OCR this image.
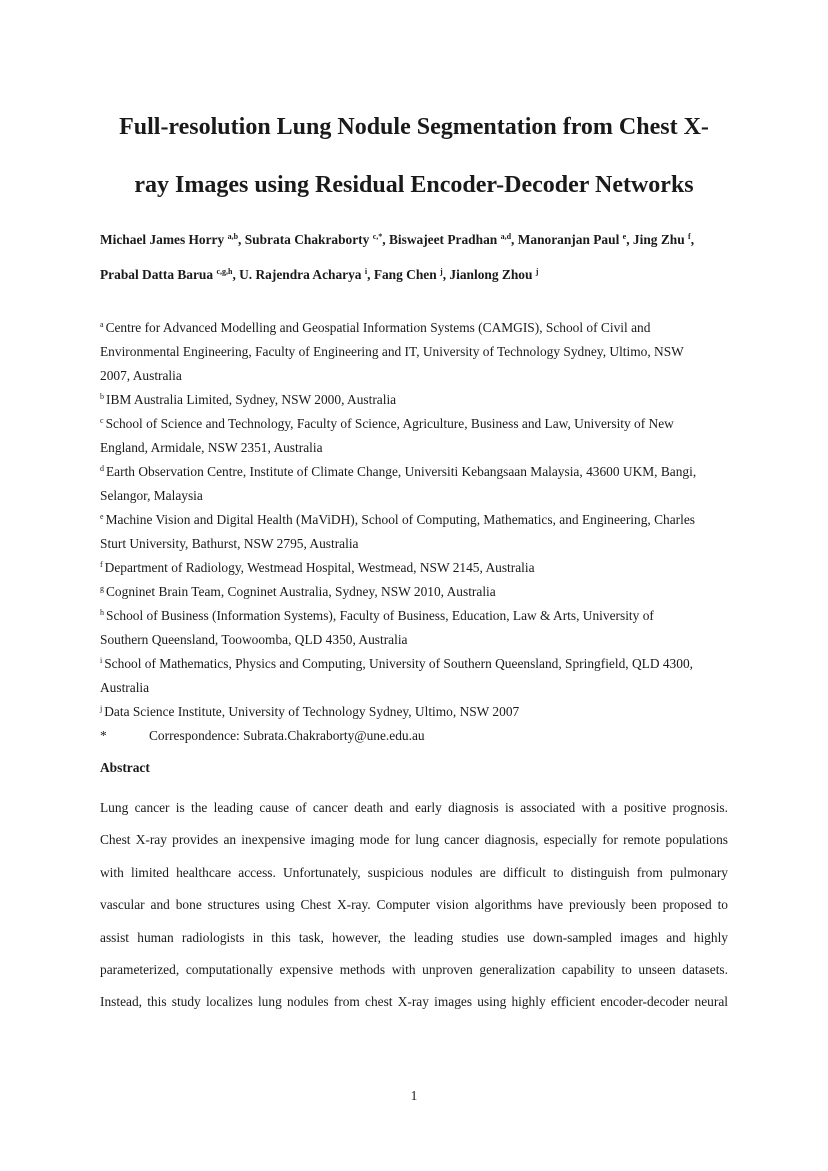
Full-resolution Lung Nodule Segmentation from Chest X-
ray Images using Residual Encoder-Decoder Networks
Michael James Horry $^{a,b}$, Subrata Chakraborty $^{c,*}$, Biswajeet Pradhan $^{a,d}$, Manoranjan Paul $^e$, Jing Zhu $^f$,
Prabal Datta Barua $^{c,g,h}$, U. Rajendra Acharya $^i$, Fang Chen $^j$, Jianlong Zhou $^j$
$^a$ Centre for Advanced Modelling and Geospatial Information Systems (CAMGIS), School of Civil and
Environmental Engineering, Faculty of Engineering and IT, University of Technology Sydney, Ultimo, NSW
2007, Australia
$^b$ IBM Australia Limited, Sydney, NSW 2000, Australia
$^c$ School of Science and Technology, Faculty of Science, Agriculture, Business and Law, University of New
England, Armidale, NSW 2351, Australia
$^d$ Earth Observation Centre, Institute of Climate Change, Universiti Kebangsaan Malaysia, 43600 UKM, Bangi,
Selangor, Malaysia
$^e$ Machine Vision and Digital Health (MaViDH), School of Computing, Mathematics, and Engineering, Charles
Sturt University, Bathurst, NSW 2795, Australia
$^f$ Department of Radiology, Westmead Hospital, Westmead, NSW 2145, Australia
$^g$ Cogninet Brain Team, Cogninet Australia, Sydney, NSW 2010, Australia
$^h$ School of Business (Information Systems), Faculty of Business, Education, Law & Arts, University of
Southern Queensland, Toowoomba, QLD 4350, Australia
$^i$ School of Mathematics, Physics and Computing, University of Southern Queensland, Springfield, QLD 4300,
Australia
$^j$ Data Science Institute, University of Technology Sydney, Ultimo, NSW 2007
*	Correspondence: Subrata.Chakraborty@une.edu.au
Abstract
Lung cancer is the leading cause of cancer death and early diagnosis is associated with a positive prognosis.
Chest X-ray provides an inexpensive imaging mode for lung cancer diagnosis, especially for remote populations
with limited healthcare access. Unfortunately, suspicious nodules are difficult to distinguish from pulmonary
vascular and bone structures using Chest X-ray. Computer vision algorithms have previously been proposed to
assist human radiologists in this task, however, the leading studies use down-sampled images and highly
parameterized, computationally expensive methods with unproven generalization capability to unseen datasets.
Instead, this study localizes lung nodules from chest X-ray images using highly efficient encoder-decoder neural
1
